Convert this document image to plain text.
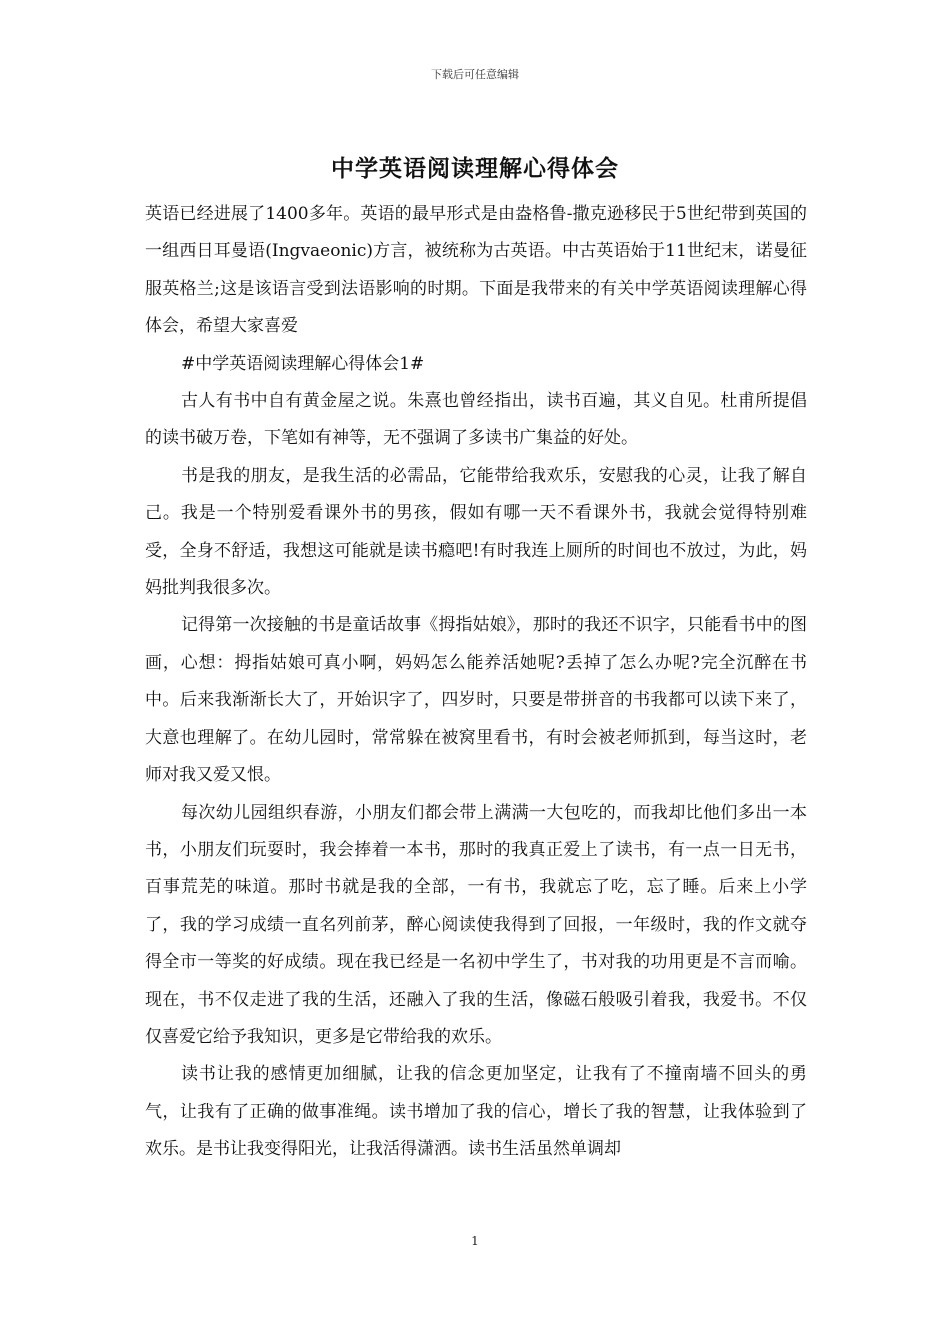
下载后可任意编辑
中学英语阅读理解心得体会

英语已经进展了1400多年。英语的最早形式是由盎格鲁-撒克逊移民于5世纪带到英国的一组西日耳曼语(Ingvaeonic)方言，被统称为古英语。中古英语始于11世纪末，诺曼征服英格兰;这是该语言受到法语影响的时期。下面是我带来的有关中学英语阅读理解心得体会，希望大家喜爱

#中学英语阅读理解心得体会1#

古人有书中自有黄金屋之说。朱熹也曾经指出，读书百遍，其义自见。杜甫所提倡的读书破万卷，下笔如有神等，无不强调了多读书广集益的好处。

书是我的朋友，是我生活的必需品，它能带给我欢乐，安慰我的心灵，让我了解自己。我是一个特别爱看课外书的男孩，假如有哪一天不看课外书，我就会觉得特别难受，全身不舒适，我想这可能就是读书瘾吧!有时我连上厕所的时间也不放过，为此，妈妈批判我很多次。

记得第一次接触的书是童话故事《拇指姑娘》，那时的我还不识字，只能看书中的图画，心想：拇指姑娘可真小啊，妈妈怎么能养活她呢?丢掉了怎么办呢?完全沉醉在书中。后来我渐渐长大了，开始识字了，四岁时，只要是带拼音的书我都可以读下来了，大意也理解了。在幼儿园时，常常躲在被窝里看书，有时会被老师抓到，每当这时，老师对我又爱又恨。

每次幼儿园组织春游，小朋友们都会带上满满一大包吃的，而我却比他们多出一本书，小朋友们玩耍时，我会捧着一本书，那时的我真正爱上了读书，有一点一日无书，百事荒芜的味道。那时书就是我的全部，一有书，我就忘了吃，忘了睡。后来上小学了，我的学习成绩一直名列前茅，醉心阅读使我得到了回报，一年级时，我的作文就夺得全市一等奖的好成绩。现在我已经是一名初中学生了，书对我的功用更是不言而喻。现在，书不仅走进了我的生活，还融入了我的生活，像磁石般吸引着我，我爱书。不仅仅喜爱它给予我知识，更多是它带给我的欢乐。

读书让我的感情更加细腻，让我的信念更加坚定，让我有了不撞南墙不回头的勇气，让我有了正确的做事准绳。读书增加了我的信心，增长了我的智慧，让我体验到了欢乐。是书让我变得阳光，让我活得潇洒。读书生活虽然单调却

1
